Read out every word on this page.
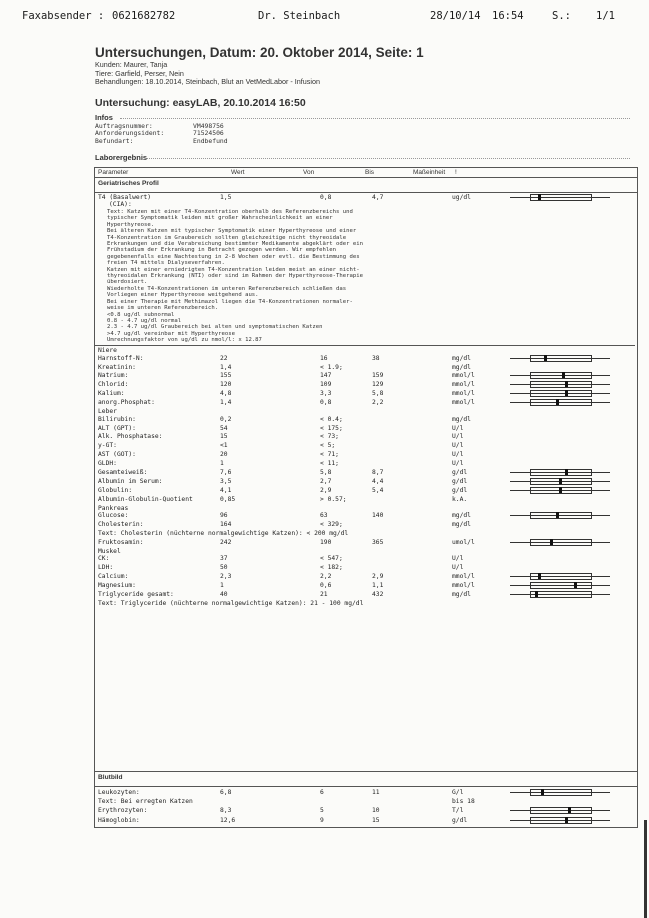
Faxabsender : 0621682782	Dr. Steinbach	28/10/14 16:54	S.: 1/1
Untersuchungen, Datum: 20. Oktober 2014, Seite: 1
Kunden: Maurer, Tanja
Tiere: Garfield, Perser, Nein
Behandlungen: 18.10.2014, Steinbach, Blut an VetMedLabor - Infusion
Untersuchung: easyLAB, 20.10.2014 16:50
Infos
Auftragsnummer:	VM498756
Anforderungsident:	71524506
Befundart:	Endbefund
Laborergebnis
Parameter	Wert	Von	Bis	Maßeinheit !
Geriatrisches Profil
T4 (Basalwert)	1,5	0,8	4,7	ug/dl
(CIA):
Text: Katzen mit einer T4-Konzentration oberhalb des Referenzbereichs und
typischer Symptomatik leiden mit großer Wahrscheinlichkeit an einer
Hyperthyreose.
Bei älteren Katzen mit typischer Symptomatik einer Hyperthyreose und einer
T4-Konzentration im Graubereich sollten gleichzeitige nicht thyreoidale
Erkrankungen und die Verabreichung bestimmter Medikamente abgeklärt oder ein
Frühstadium der Erkrankung in Betracht gezogen werden. Wir empfehlen
gegebenenfalls eine Nachtestung in 2-8 Wochen oder evtl. die Bestimmung des
freien T4 mittels Dialyseverfahren.
Katzen mit einer erniedrigten T4-Konzentration leiden meist an einer nicht-
thyreoidalen Erkrankung (NTI) oder sind im Rahmen der Hyperthyreose-Therapie
überdosiert.
Wiederholte T4-Konzentrationen im unteren Referenzbereich schließen das
Vorliegen einer Hyperthyreose weitgehend aus.
Bei einer Therapie mit Methimazol liegen die T4-Konzentrationen normaler-
weise im unteren Referenzbereich.
<0.8 ug/dl subnormal
0.8 - 4.7 ug/dl normal
2.3 - 4.7 ug/dl Graubereich bei alten und symptomatischen Katzen
>4.7 ug/dl vereinbar mit Hyperthyreose
Umrechnungsfaktor von ug/dl zu nmol/l: x 12.87
Niere
Harnstoff-N:	22	16	38	mg/dl
Kreatinin:	1,4	< 1.9;	mg/dl
Natrium:	155	147	159	mmol/l
Chlorid:	120	109	129	mmol/l
Kalium:	4,8	3,3	5,8	mmol/l
anorg.Phosphat:	1,4	0,8	2,2	mmol/l
Leber
Bilirubin:	0,2	< 0.4;	mg/dl
ALT (GPT):	54	< 175;	U/l
Alk. Phosphatase:	15	< 73;	U/l
y-GT:	<1	< 5;	U/l
AST (GOT):	20	< 71;	U/l
GLDH:	1	< 11;	U/l
Gesamteiweiß:	7,6	5,8	8,7	g/dl
Albumin im Serum:	3,5	2,7	4,4	g/dl
Globulin:	4,1	2,9	5,4	g/dl
Albumin-Globulin-Quotient	0,85	> 0.57;	k.A.
Pankreas
Glucose:	96	63	140	mg/dl
Cholesterin:	164	< 329;	mg/dl
Text: Cholesterin (nüchterne normalgewichtige Katzen): < 200 mg/dl
Fruktosamin:	242	190	365	umol/l
Muskel
CK:	37	< 547;	U/l
LDH:	50	< 182;	U/l
Calcium:	2,3	2,2	2,9	mmol/l
Magnesium:	1	0,6	1,1	mmol/l
Triglyceride gesamt:	40	21	432	mg/dl
Text: Triglyceride (nüchterne normalgewichtige Katzen): 21 - 100 mg/dl
Blutbild
Leukozyten:	6,8	6	11	G/l
Text: Bei erregten Katzen	bis 18
Erythrozyten:	8,3	5	10	T/l
Hämoglobin:	12,6	9	15	g/dl
